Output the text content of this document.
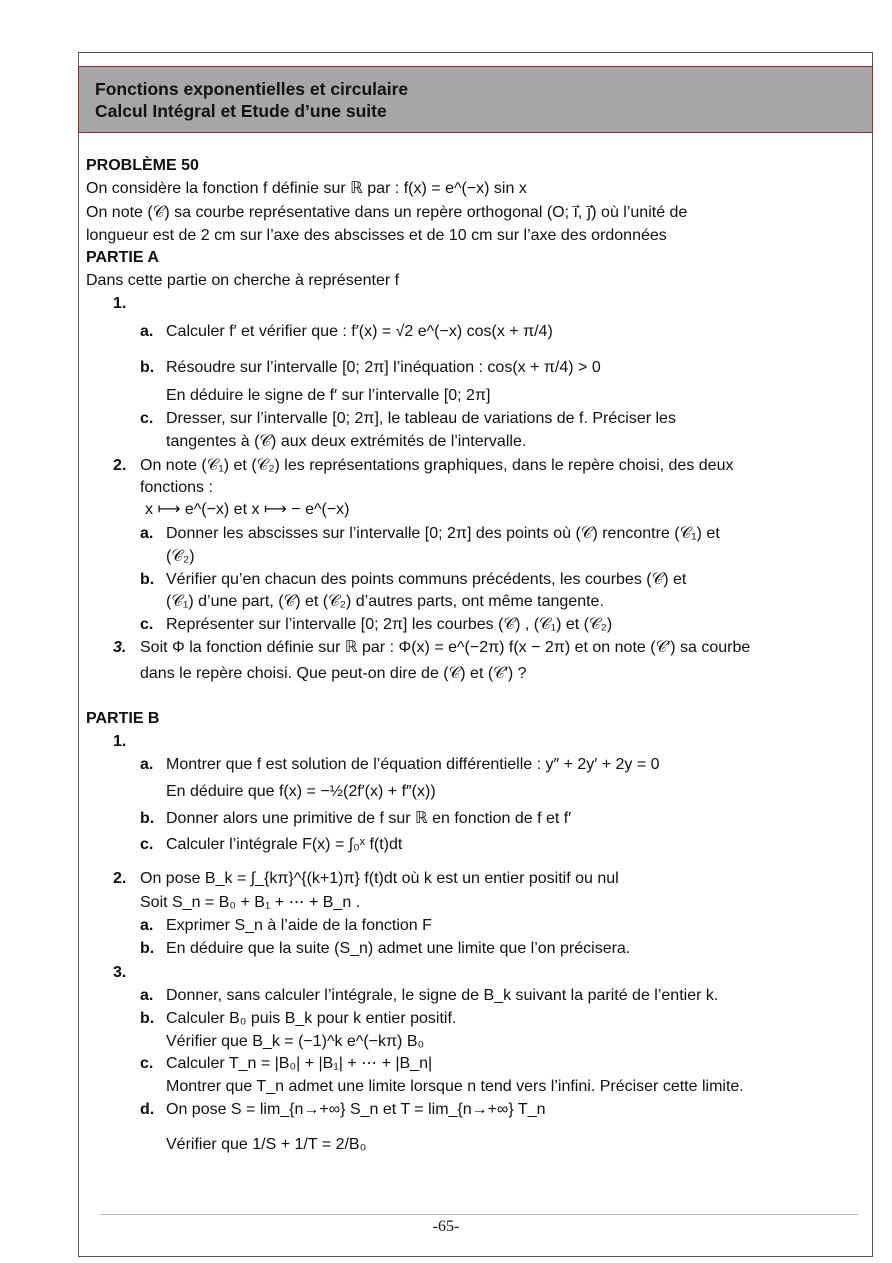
Fonctions exponentielles et circulaire
Calcul Intégral et Etude d’une suite
PROBLÈME 50
On considère la fonction f définie sur ℝ par : f(x) = e^(−x) sin x
On note (𝒞) sa courbe représentative dans un repère orthogonal (O; i⃗, j⃗) où l’unité de
longueur est de 2 cm sur l’axe des abscisses et de 10 cm sur l’axe des ordonnées
PARTIE A
Dans cette partie on cherche à représenter f
1.
a. Calculer f′ et vérifier que : f′(x) = √2 e^(−x) cos(x + π/4)
b. Résoudre sur l’intervalle [0; 2π] l’inéquation : cos(x + π/4) > 0
En déduire le signe de f′ sur l’intervalle [0; 2π]
c. Dresser, sur l’intervalle [0; 2π], le tableau de variations de f. Préciser les
tangentes à (𝒞) aux deux extrémités de l’intervalle.
2. On note (𝒞₁) et (𝒞₂) les représentations graphiques, dans le repère choisi, des deux
fonctions :
x ⟼ e^(−x) et x ⟼ − e^(−x)
a. Donner les abscisses sur l’intervalle [0; 2π] des points où (𝒞) rencontre (𝒞₁) et
(𝒞₂)
b. Vérifier qu’en chacun des points communs précédents, les courbes (𝒞) et
(𝒞₁) d’une part, (𝒞) et (𝒞₂) d’autres parts, ont même tangente.
c. Représenter sur l’intervalle [0; 2π] les courbes (𝒞) , (𝒞₁) et (𝒞₂)
3. Soit Φ la fonction définie sur ℝ par : Φ(x) = e^(−2π) f(x − 2π) et on note (𝒞′) sa courbe
dans le repère choisi. Que peut-on dire de (𝒞) et (𝒞′) ?
PARTIE B
1.
a. Montrer que f est solution de l’équation différentielle : y″ + 2y′ + 2y = 0
En déduire que f(x) = −½(2f′(x) + f″(x))
b. Donner alors une primitive de f sur ℝ en fonction de f et f′
c. Calculer l’intégrale F(x) = ∫₀ˣ f(t)dt
2. On pose B_k = ∫_{kπ}^{(k+1)π} f(t)dt où k est un entier positif ou nul
Soit S_n = B₀ + B₁ + ⋯ + B_n .
a. Exprimer S_n à l’aide de la fonction F
b. En déduire que la suite (S_n) admet une limite que l’on précisera.
3.
a. Donner, sans calculer l’intégrale, le signe de B_k suivant la parité de l’entier k.
b. Calculer B₀ puis B_k pour k entier positif.
Vérifier que B_k = (−1)^k e^(−kπ) B₀
c. Calculer T_n = |B₀| + |B₁| + ⋯ + |B_n|
Montrer que T_n admet une limite lorsque n tend vers l’infini. Préciser cette limite.
d. On pose S = lim_{n→+∞} S_n et T = lim_{n→+∞} T_n
Vérifier que 1/S + 1/T = 2/B₀
-65-
